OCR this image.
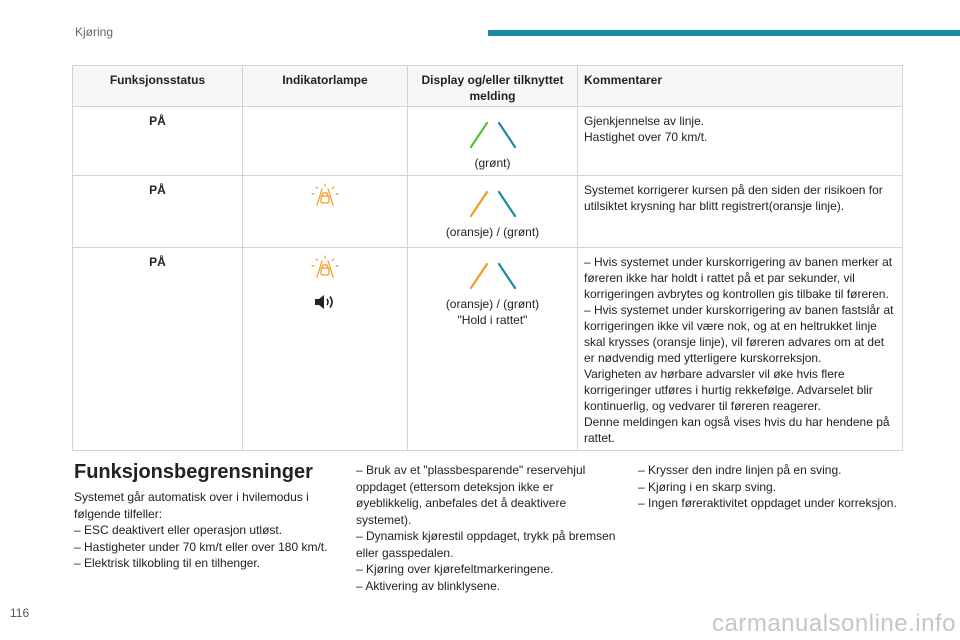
Kjøring
Funksjonsstatus	Indikatorlampe	Display og/eller tilknyttet melding	Kommentarer
PÅ		(grønt)	Gjenkjennelse av linje.
Hastighet over 70 km/t.

PÅ		(oransje) / (grønt)	Systemet korrigerer kursen på den siden der risikoen for utilsiktet krysning har blitt registrert(oransje linje).

PÅ		(oransje) / (grønt)
"Hold i rattet"	– Hvis systemet under kurskorrigering av banen merker at føreren ikke har holdt i rattet på et par sekunder, vil korrigeringen avbrytes og kontrollen gis tilbake til føreren.
– Hvis systemet under kurskorrigering av banen fastslår at korrigeringen ikke vil være nok, og at en heltrukket linje skal krysses (oransje linje), vil føreren advares om at det er nødvendig med ytterligere kurskorreksjon.
Varigheten av hørbare advarsler vil øke hvis flere korrigeringer utføres i hurtig rekkefølge. Advarselet blir kontinuerlig, og vedvarer til føreren reagerer.
Denne meldingen kan også vises hvis du har hendene på rattet.
Funksjonsbegrensninger
Systemet går automatisk over i hvilemodus i følgende tilfeller:
– ESC deaktivert eller operasjon utløst.
– Hastigheter under 70 km/t eller over 180 km/t.
– Elektrisk tilkobling til en tilhenger.
– Bruk av et "plassbesparende" reservehjul oppdaget (ettersom deteksjon ikke er øyeblikkelig, anbefales det å deaktivere systemet).
– Dynamisk kjørestil oppdaget, trykk på bremsen eller gasspedalen.
– Kjøring over kjørefeltmarkeringene.
– Aktivering av blinklysene.
– Krysser den indre linjen på en sving.
– Kjøring i en skarp sving.
– Ingen føreraktivitet oppdaget under korreksjon.
116	carmanualsonline.info
